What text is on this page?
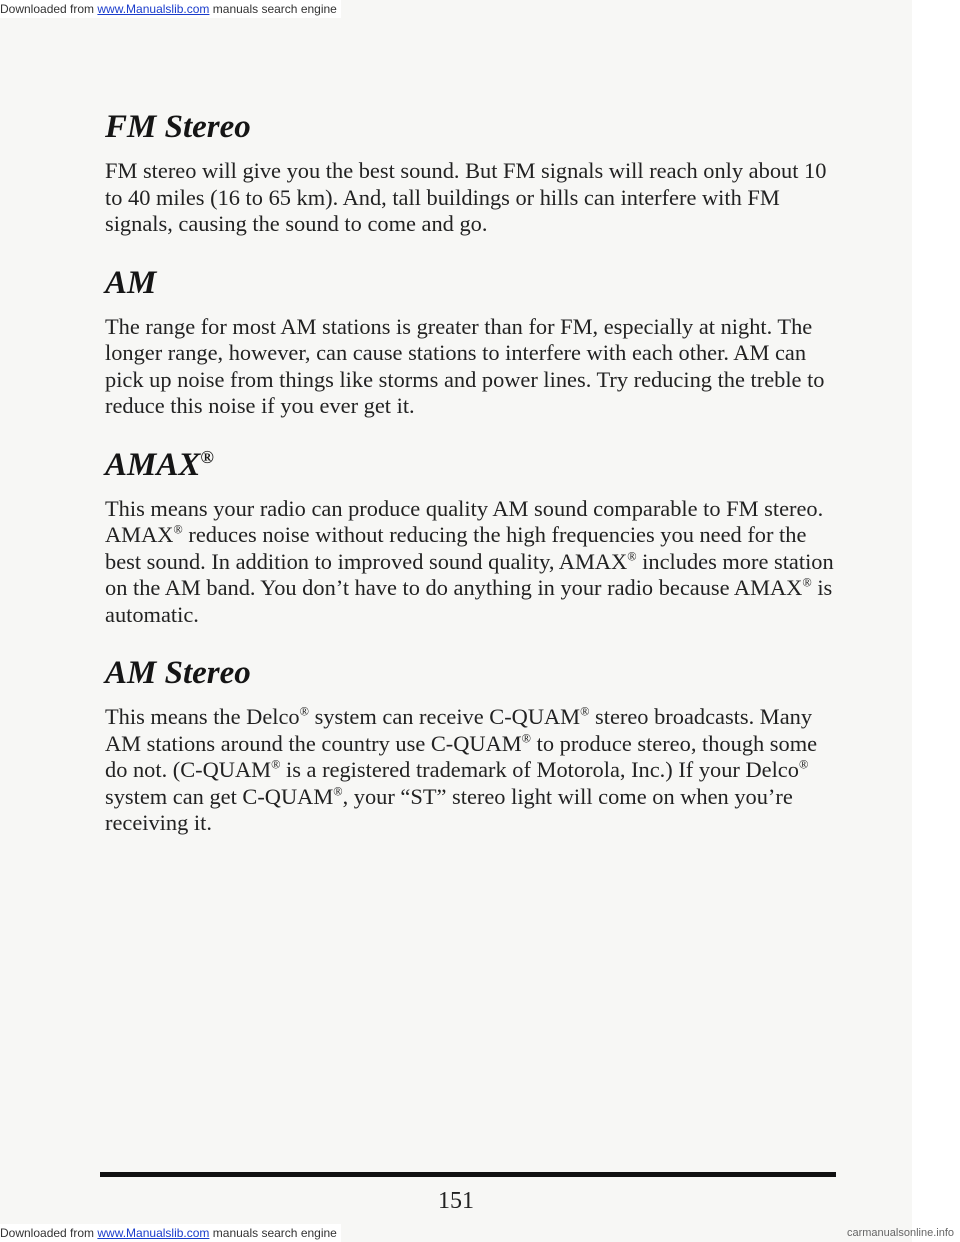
Downloaded from www.Manualslib.com manuals search engine
FM Stereo

FM stereo will give you the best sound. But FM signals will reach only about 10 to 40 miles (16 to 65 km). And, tall buildings or hills can interfere with FM signals, causing the sound to come and go.

AM

The range for most AM stations is greater than for FM, especially at night. The longer range, however, can cause stations to interfere with each other. AM can pick up noise from things like storms and power lines. Try reducing the treble to reduce this noise if you ever get it.

AMAX®

This means your radio can produce quality AM sound comparable to FM stereo. AMAX® reduces noise without reducing the high frequencies you need for the best sound. In addition to improved sound quality, AMAX® includes more station on the AM band. You don’t have to do anything in your radio because AMAX® is automatic.

AM Stereo

This means the Delco® system can receive C-QUAM® stereo broadcasts. Many AM stations around the country use C-QUAM® to produce stereo, though some do not. (C-QUAM® is a registered trademark of Motorola, Inc.) If your Delco® system can get C-QUAM®, your “ST” stereo light will come on when you’re receiving it.

151
Downloaded from www.Manualslib.com manuals search engine	carmanualsonline.info
